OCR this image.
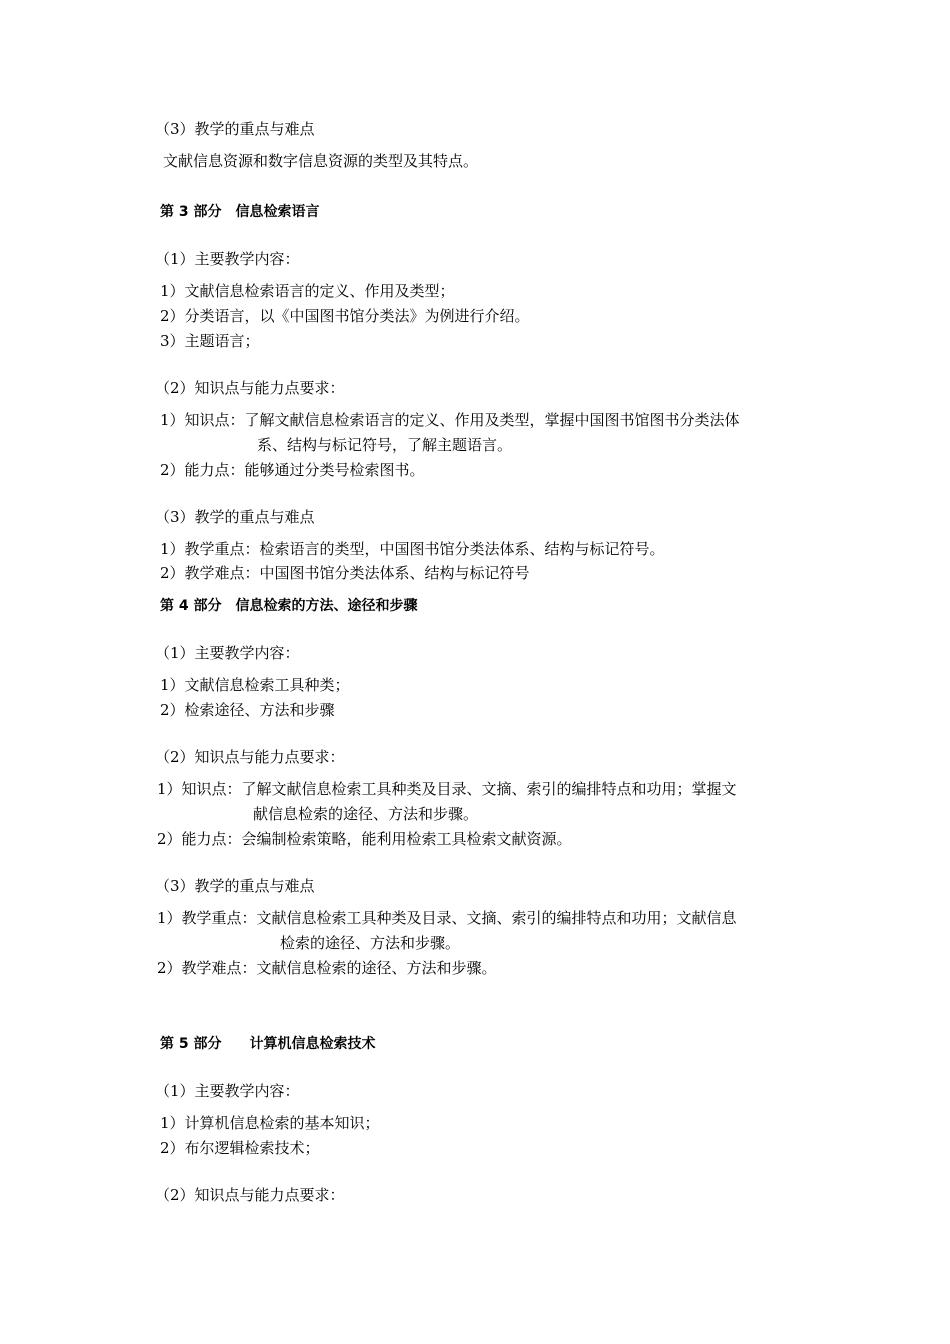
（3）教学的重点与难点
文献信息资源和数字信息资源的类型及其特点。
第 3 部分　信息检索语言
（1）主要教学内容：
1）文献信息检索语言的定义、作用及类型；
2）分类语言，以《中国图书馆分类法》为例进行介绍。
3）主题语言；
（2）知识点与能力点要求：
1）知识点：了解文献信息检索语言的定义、作用及类型，掌握中国图书馆图书分类法体
系、结构与标记符号，了解主题语言。
2）能力点：能够通过分类号检索图书。
（3）教学的重点与难点
1）教学重点：检索语言的类型，中国图书馆分类法体系、结构与标记符号。
2）教学难点：中国图书馆分类法体系、结构与标记符号
第 4 部分　信息检索的方法、途径和步骤
（1）主要教学内容：
1）文献信息检索工具种类；
2）检索途径、方法和步骤
（2）知识点与能力点要求：
1）知识点：了解文献信息检索工具种类及目录、文摘、索引的编排特点和功用；掌握文
献信息检索的途径、方法和步骤。
2）能力点：会编制检索策略，能利用检索工具检索文献资源。
（3）教学的重点与难点
1）教学重点：文献信息检索工具种类及目录、文摘、索引的编排特点和功用；文献信息
检索的途径、方法和步骤。
2）教学难点：文献信息检索的途径、方法和步骤。
第 5 部分　　计算机信息检索技术
（1）主要教学内容：
1）计算机信息检索的基本知识；
2）布尔逻辑检索技术；
（2）知识点与能力点要求：
